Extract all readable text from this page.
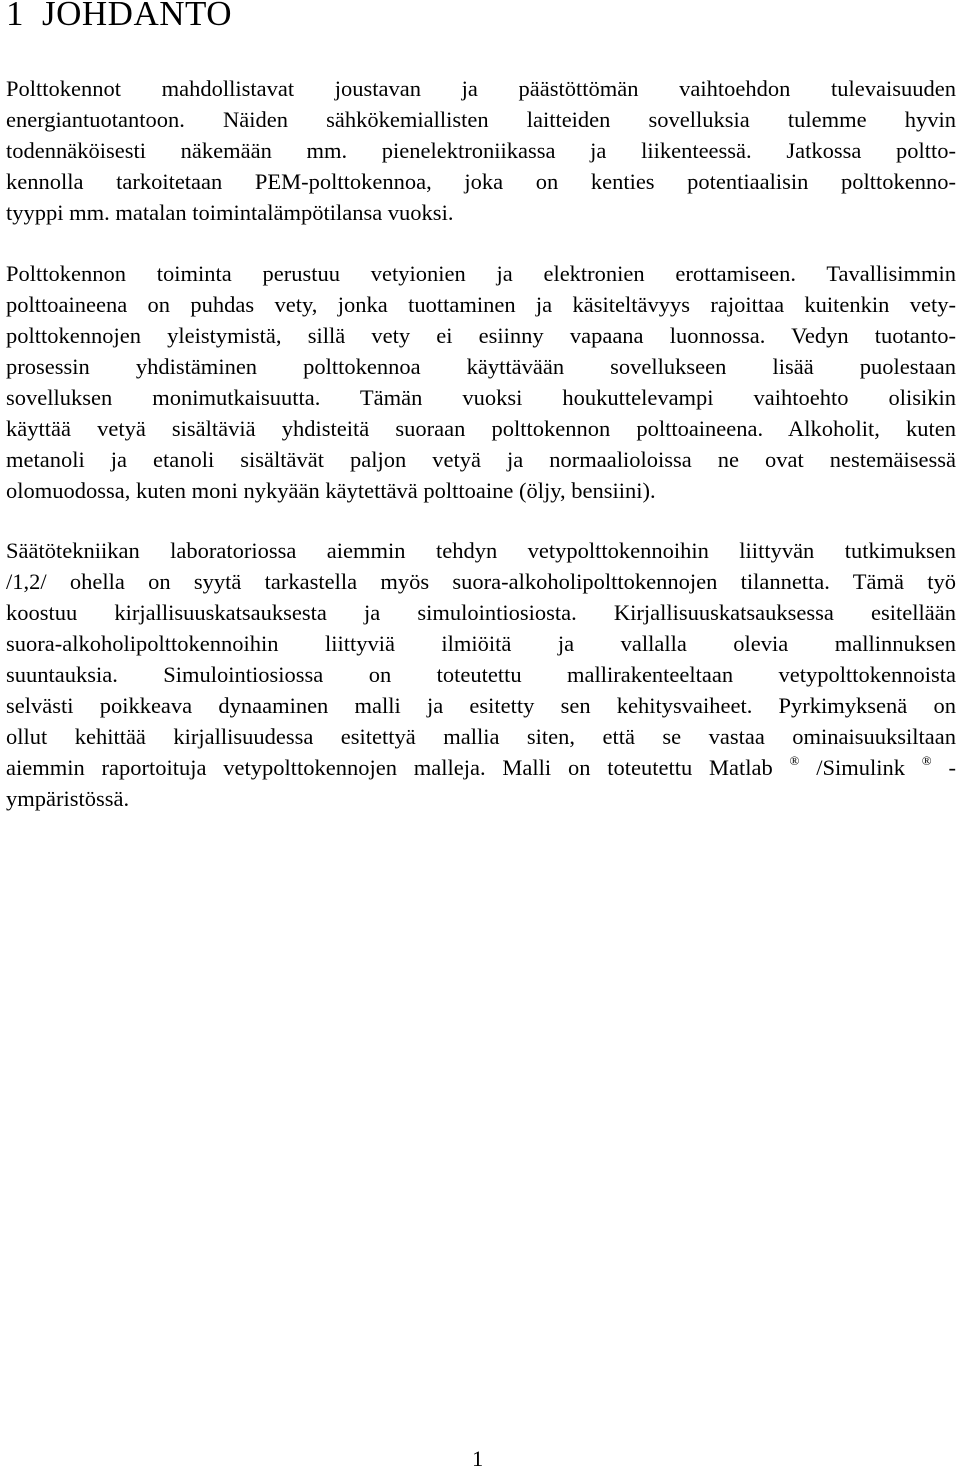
1 JOHDANTO
Polttokennot mahdollistavat joustavan ja päästöttömän vaihtoehdon tulevaisuuden
energiantuotantoon. Näiden sähkökemiallisten laitteiden sovelluksia tulemme hyvin
todennäköisesti näkemään mm. pienelektroniikassa ja liikenteessä. Jatkossa poltto-
kennolla tarkoitetaan PEM-polttokennoa, joka on kenties potentiaalisin polttokenno-
tyyppi mm. matalan toimintalämpötilansa vuoksi.
Polttokennon toiminta perustuu vetyionien ja elektronien erottamiseen. Tavallisimmin
polttoaineena on puhdas vety, jonka tuottaminen ja käsiteltävyys rajoittaa kuitenkin vety-
polttokennojen yleistymistä, sillä vety ei esiinny vapaana luonnossa. Vedyn tuotanto-
prosessin yhdistäminen polttokennoa käyttävään sovellukseen lisää puolestaan
sovelluksen monimutkaisuutta. Tämän vuoksi houkuttelevampi vaihtoehto olisikin
käyttää vetyä sisältäviä yhdisteitä suoraan polttokennon polttoaineena. Alkoholit, kuten
metanoli ja etanoli sisältävät paljon vetyä ja normaalioloissa ne ovat nestemäisessä
olomuodossa, kuten moni nykyään käytettävä polttoaine (öljy, bensiini).
Säätötekniikan laboratoriossa aiemmin tehdyn vetypolttokennoihin liittyvän tutkimuksen
/1,2/ ohella on syytä tarkastella myös suora-alkoholipolttokennojen tilannetta. Tämä työ
koostuu kirjallisuuskatsauksesta ja simulointiosiosta. Kirjallisuuskatsauksessa esitellään
suora-alkoholipolttokennoihin liittyviä ilmiöitä ja vallalla olevia mallinnuksen
suuntauksia. Simulointiosiossa on toteutettu mallirakenteeltaan vetypolttokennoista
selvästi poikkeava dynaaminen malli ja esitetty sen kehitysvaiheet. Pyrkimyksenä on
ollut kehittää kirjallisuudessa esitettyä mallia siten, että se vastaa ominaisuuksiltaan
aiemmin raportoituja vetypolttokennojen malleja. Malli on toteutettu Matlab ® /Simulink ® -
ympäristössä.
1
